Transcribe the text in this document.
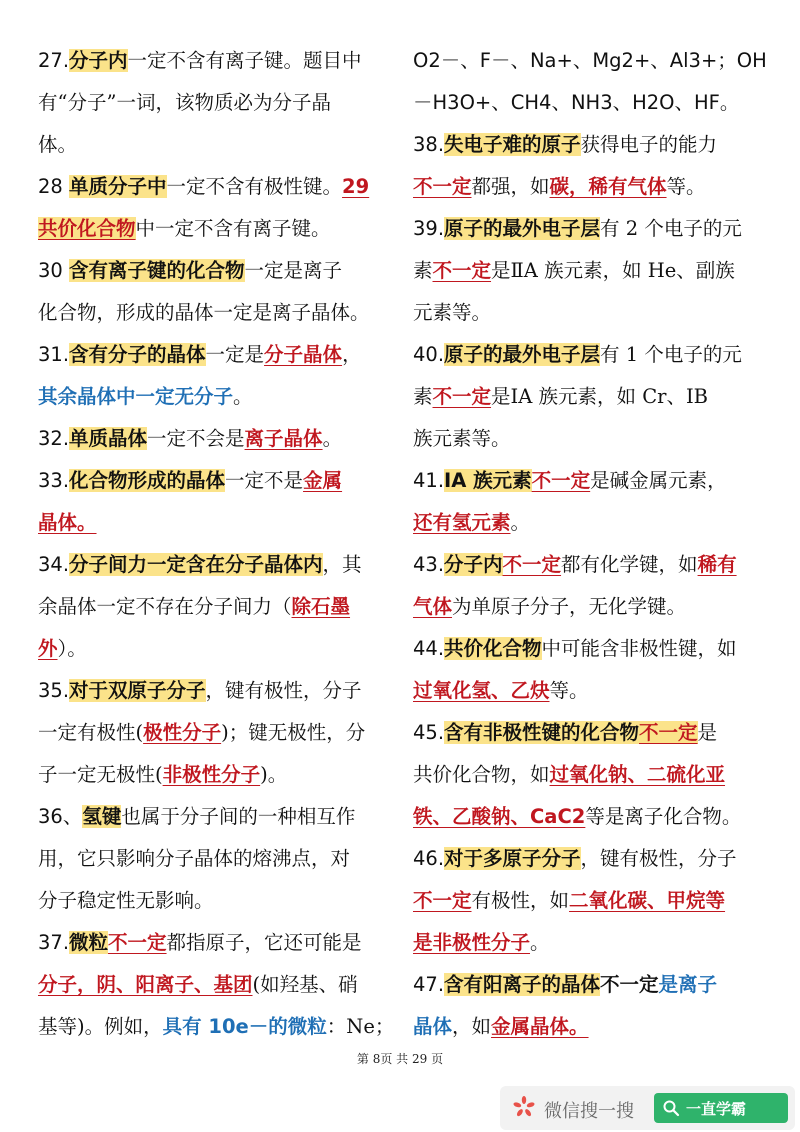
27.分子内一定不含有离子键。题目中
有“分子”一词，该物质必为分子晶
体。
28 单质分子中一定不含有极性键。29
共价化合物中一定不含有离子键。
30 含有离子键的化合物一定是离子
化合物，形成的晶体一定是离子晶体。
31.含有分子的晶体一定是分子晶体，
其余晶体中一定无分子。
32.单质晶体一定不会是离子晶体。
33.化合物形成的晶体一定不是金属
晶体。
34.分子间力一定含在分子晶体内，其
余晶体一定不存在分子间力（除石墨
外）。
35.对于双原子分子，键有极性，分子
一定有极性(极性分子)；键无极性，分
子一定无极性(非极性分子)。
36、氢键也属于分子间的一种相互作
用，它只影响分子晶体的熔沸点，对
分子稳定性无影响。
37.微粒不一定都指原子，它还可能是
分子，阴、阳离子、基团(如羟基、硝
基等)。例如，具有 10e－的微粒：Ne；
O2－、F－、Na+、Mg2+、Al3+；OH
－H3O+、CH4、NH3、H2O、HF。
38.失电子难的原子获得电子的能力
不一定都强，如碳，稀有气体等。
39.原子的最外电子层有 2 个电子的元
素不一定是ⅡA 族元素，如 He、副族
元素等。
40.原子的最外电子层有 1 个电子的元
素不一定是ⅠA 族元素，如 Cr、ⅠB
族元素等。
41.ⅠA 族元素不一定是碱金属元素，
还有氢元素。
43.分子内不一定都有化学键，如稀有
气体为单原子分子，无化学键。
44.共价化合物中可能含非极性键，如
过氧化氢、乙炔等。
45.含有非极性键的化合物不一定是
共价化合物，如过氧化钠、二硫化亚
铁、乙酸钠、CaC2等是离子化合物。
46.对于多原子分子，键有极性，分子
不一定有极性，如二氧化碳、甲烷等
是非极性分子。
47.含有阳离子的晶体不一定是离子
晶体，如金属晶体。
第 8页 共 29 页
微信搜一搜	一直学霸
